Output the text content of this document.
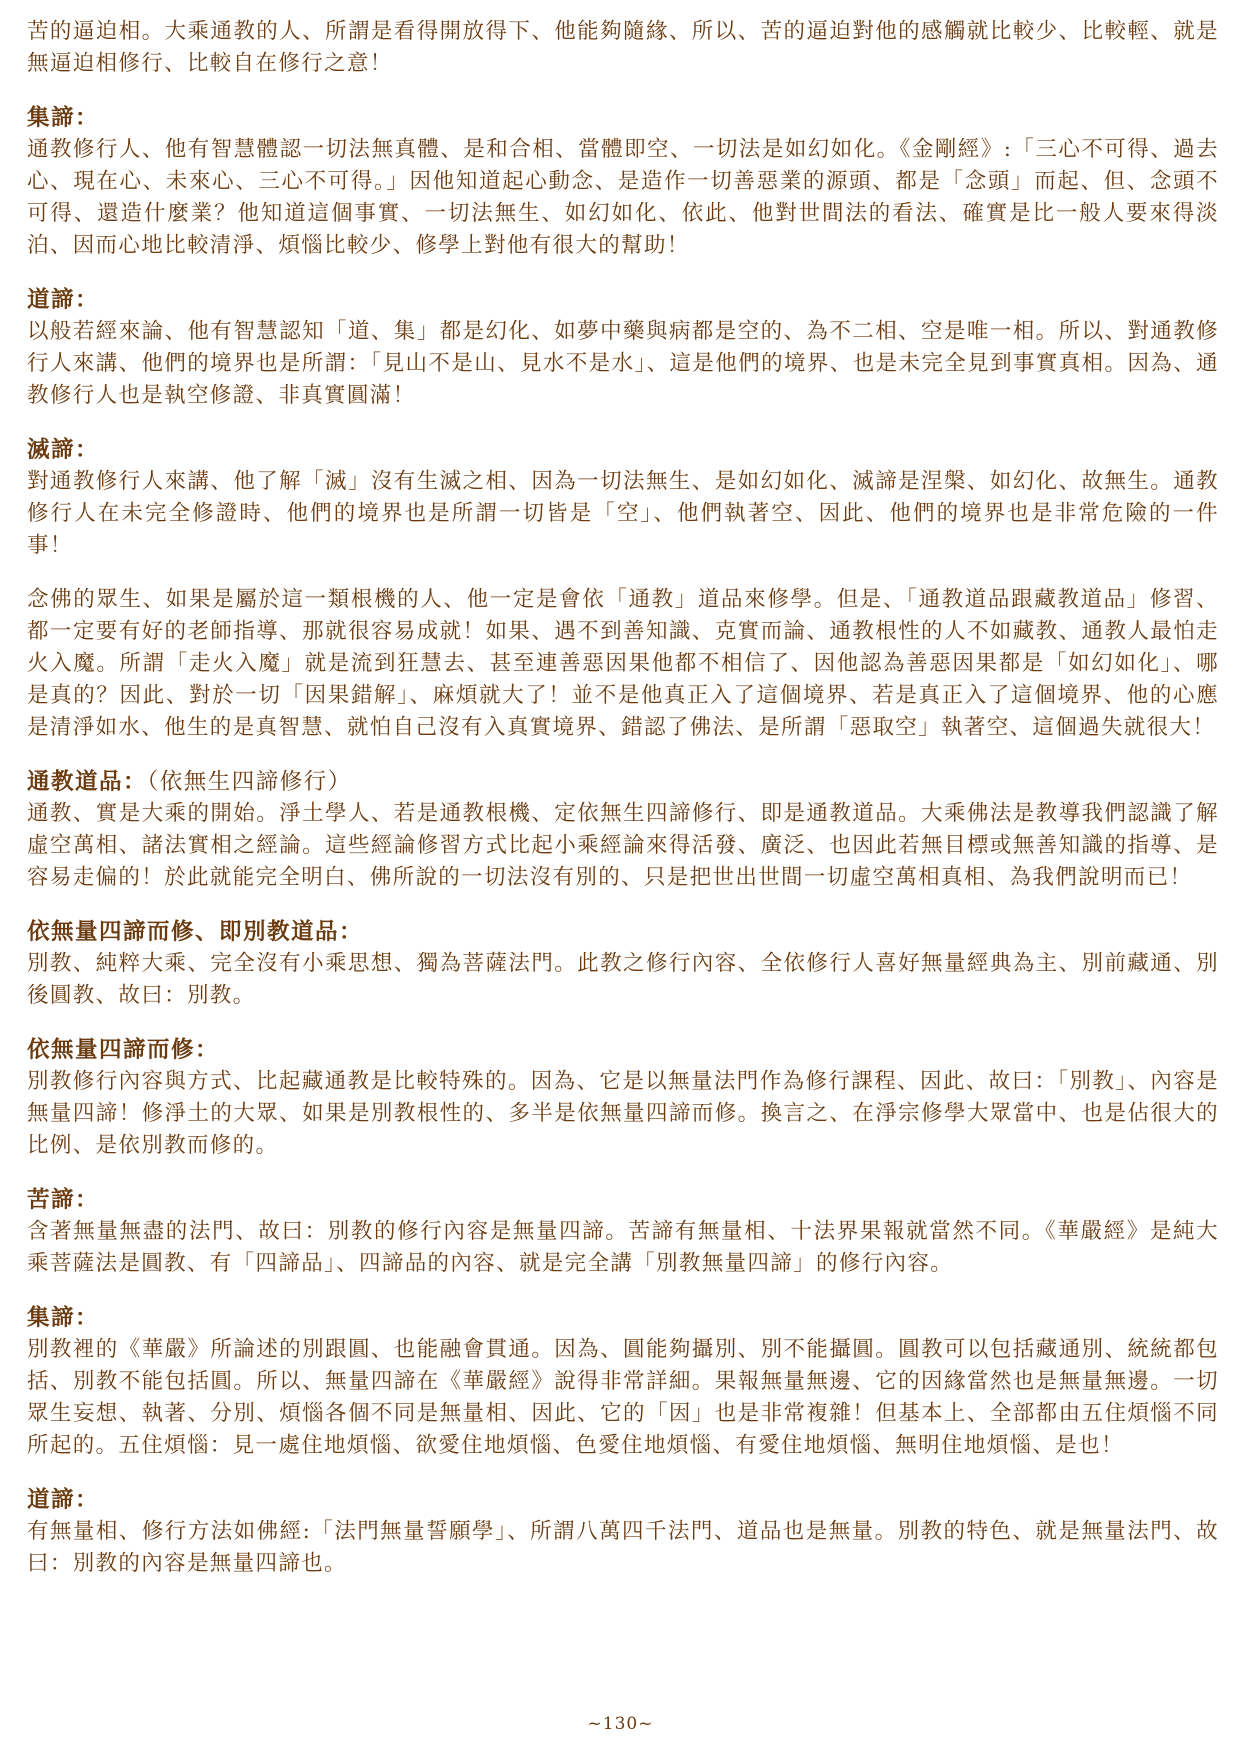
苦的逼迫相。大乘通教的人、所謂是看得開放得下、他能夠隨緣、所以、苦的逼迫對他的感觸就比較少、比較輕、就是無逼迫相修行、比較自在修行之意！

集諦：

通教修行人、他有智慧體認一切法無真體、是和合相、當體即空、一切法是如幻如化。《金剛經》:「三心不可得、過去心、現在心、未來心、三心不可得。」因他知道起心動念、是造作一切善惡業的源頭、都是「念頭」而起、但、念頭不可得、還造什麼業？他知道這個事實、一切法無生、如幻如化、依此、他對世間法的看法、確實是比一般人要來得淡泊、因而心地比較清淨、煩惱比較少、修學上對他有很大的幫助！

道諦：

以般若經來論、他有智慧認知「道、集」都是幻化、如夢中藥與病都是空的、為不二相、空是唯一相。所以、對通教修行人來講、他們的境界也是所謂：「見山不是山、見水不是水」、這是他們的境界、也是未完全見到事實真相。因為、通教修行人也是執空修證、非真實圓滿！

滅諦：

對通教修行人來講、他了解「滅」沒有生滅之相、因為一切法無生、是如幻如化、滅諦是涅槃、如幻化、故無生。通教修行人在未完全修證時、他們的境界也是所謂一切皆是「空」、他們執著空、因此、他們的境界也是非常危險的一件事！

念佛的眾生、如果是屬於這一類根機的人、他一定是會依「通教」道品來修學。但是、「通教道品跟藏教道品」修習、都一定要有好的老師指導、那就很容易成就！如果、遇不到善知識、克實而論、通教根性的人不如藏教、通教人最怕走火入魔。所謂「走火入魔」就是流到狂慧去、甚至連善惡因果他都不相信了、因他認為善惡因果都是「如幻如化」、哪是真的？因此、對於一切「因果錯解」、麻煩就大了！並不是他真正入了這個境界、若是真正入了這個境界、他的心應是清淨如水、他生的是真智慧、就怕自己沒有入真實境界、錯認了佛法、是所謂「惡取空」執著空、這個過失就很大！

通教道品：（依無生四諦修行）

通教、實是大乘的開始。淨土學人、若是通教根機、定依無生四諦修行、即是通教道品。大乘佛法是教導我們認識了解虛空萬相、諸法實相之經論。這些經論修習方式比起小乘經論來得活發、廣泛、也因此若無目標或無善知識的指導、是容易走偏的！於此就能完全明白、佛所說的一切法沒有別的、只是把世出世間一切虛空萬相真相、為我們說明而已！

依無量四諦而修、即別教道品：

別教、純粹大乘、完全沒有小乘思想、獨為菩薩法門。此教之修行內容、全依修行人喜好無量經典為主、別前藏通、別後圓教、故曰：別教。

依無量四諦而修：

別教修行內容與方式、比起藏通教是比較特殊的。因為、它是以無量法門作為修行課程、因此、故曰：「別教」、內容是無量四諦！修淨土的大眾、如果是別教根性的、多半是依無量四諦而修。換言之、在淨宗修學大眾當中、也是佔很大的比例、是依別教而修的。

苦諦：

含著無量無盡的法門、故曰：別教的修行內容是無量四諦。苦諦有無量相、十法界果報就當然不同。《華嚴經》是純大乘菩薩法是圓教、有「四諦品」、四諦品的內容、就是完全講「別教無量四諦」的修行內容。

集諦：

別教裡的《華嚴》所論述的別跟圓、也能融會貫通。因為、圓能夠攝別、別不能攝圓。圓教可以包括藏通別、統統都包括、別教不能包括圓。所以、無量四諦在《華嚴經》說得非常詳細。果報無量無邊、它的因緣當然也是無量無邊。一切眾生妄想、執著、分別、煩惱各個不同是無量相、因此、它的「因」也是非常複雜！但基本上、全部都由五住煩惱不同所起的。五住煩惱：見一處住地煩惱、欲愛住地煩惱、色愛住地煩惱、有愛住地煩惱、無明住地煩惱、是也！

道諦：

有無量相、修行方法如佛經:「法門無量誓願學」、所謂八萬四千法門、道品也是無量。別教的特色、就是無量法門、故曰：別教的內容是無量四諦也。

~130~
